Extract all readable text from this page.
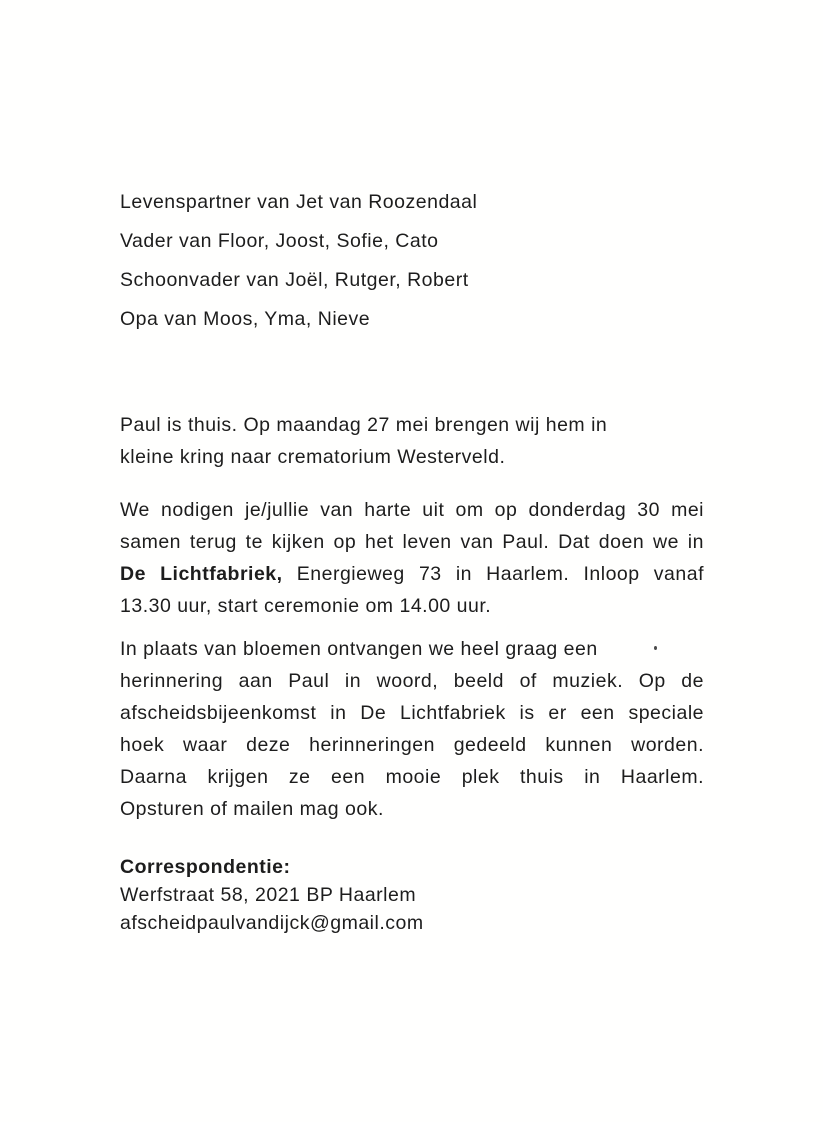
Levenspartner van Jet van Roozendaal
Vader van Floor, Joost, Sofie, Cato
Schoonvader van Joël, Rutger, Robert
Opa van Moos, Yma, Nieve
Paul is thuis. Op maandag 27 mei brengen wij hem in
kleine kring naar crematorium Westerveld.
We nodigen je/jullie van harte uit om op donderdag 30 mei
samen terug te kijken op het leven van Paul. Dat doen we in
De Lichtfabriek, Energieweg 73 in Haarlem. Inloop vanaf
13.30 uur, start ceremonie om 14.00 uur.
In plaats van bloemen ontvangen we heel graag een
herinnering aan Paul in woord, beeld of muziek. Op de
afscheidsbijeenkomst in De Lichtfabriek is er een speciale
hoek waar deze herinneringen gedeeld kunnen worden.
Daarna krijgen ze een mooie plek thuis in Haarlem.
Opsturen of mailen mag ook.
Correspondentie:
Werfstraat 58, 2021 BP Haarlem
afscheidpaulvandijck@gmail.com
